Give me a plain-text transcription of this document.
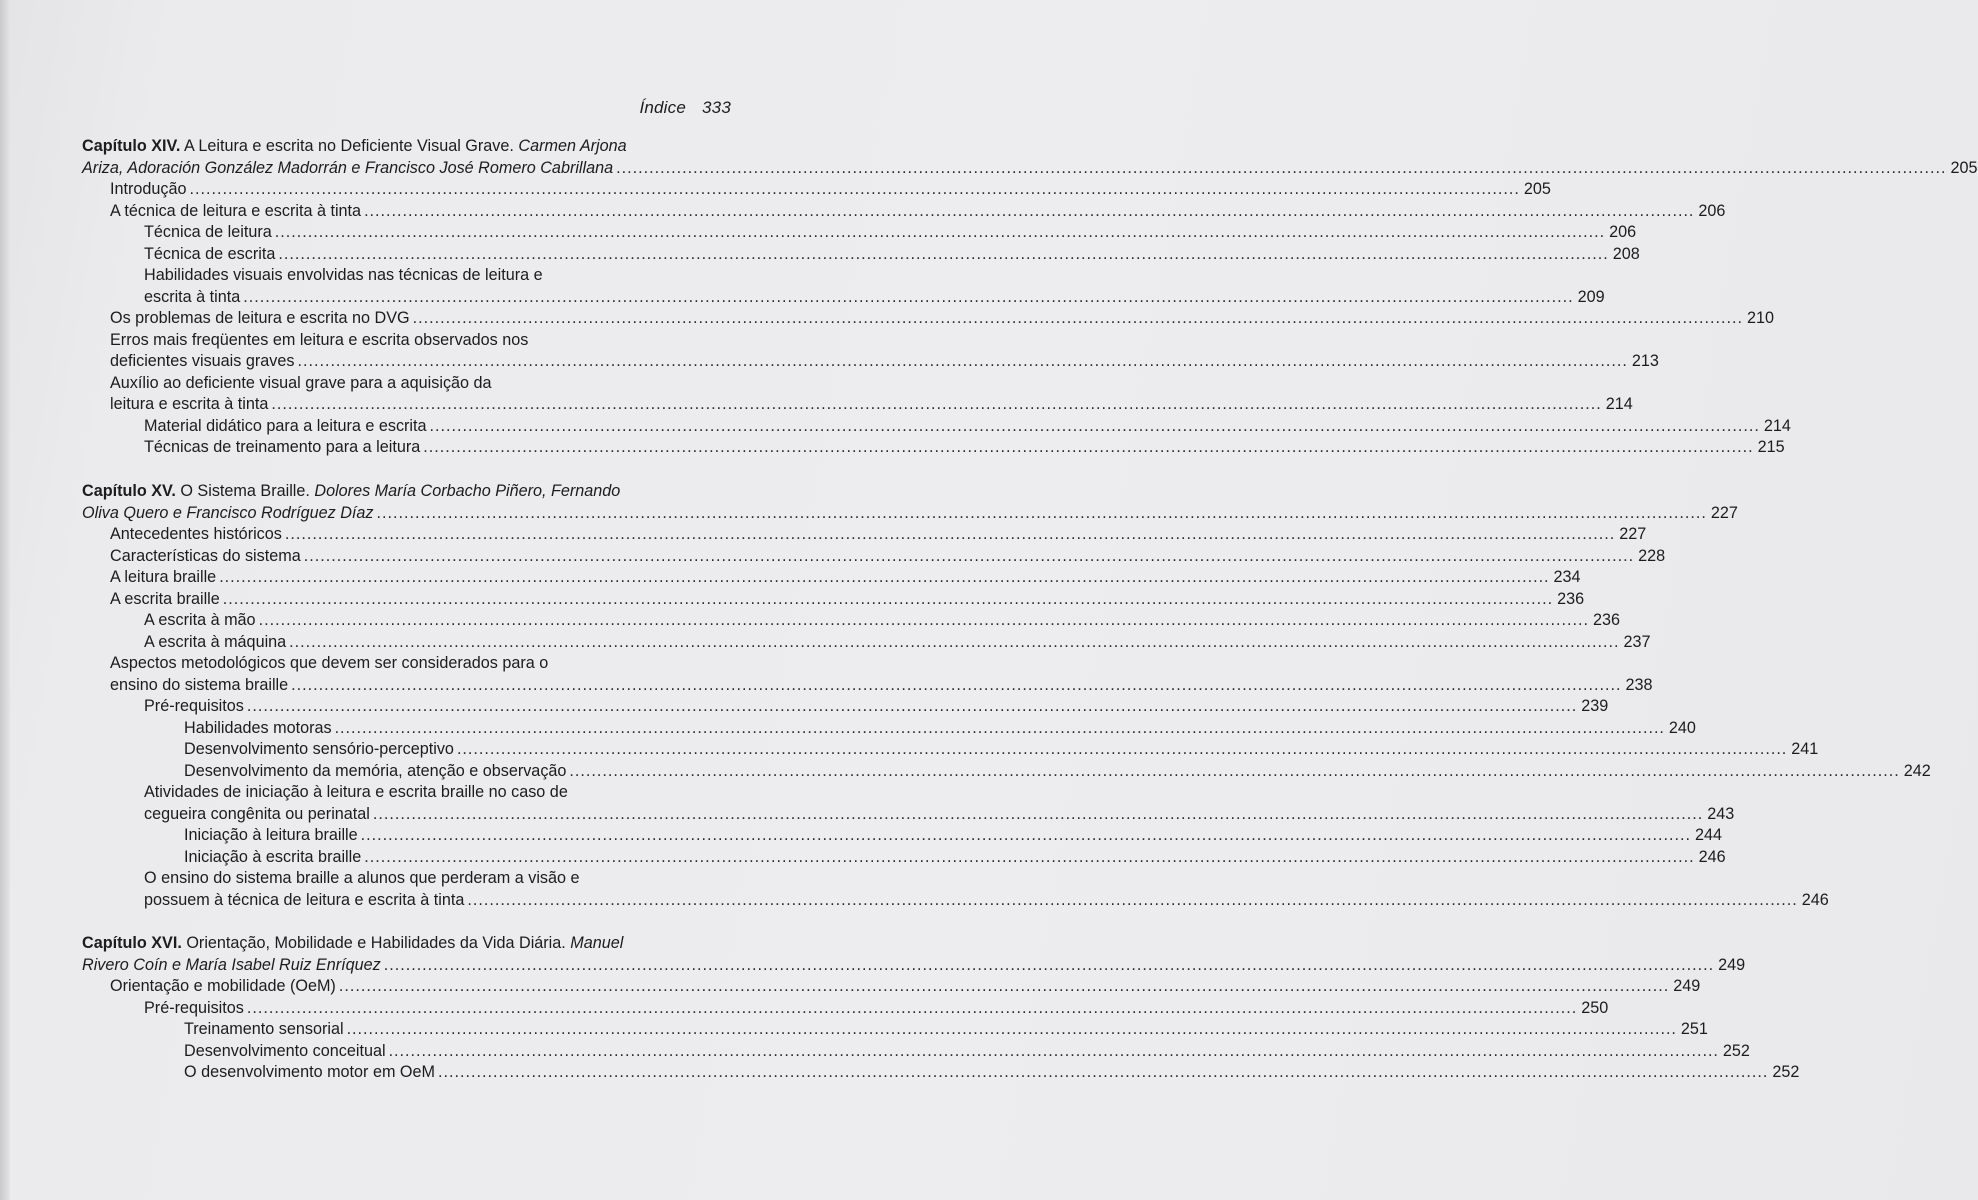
Índice 333
Capítulo XIV. A Leitura e escrita no Deficiente Visual Grave. Carmen Arjona
Ariza, Adoración González Madorrán e Francisco José Romero Cabrillana .....	205
Introdução .....	205
A técnica de leitura e escrita à tinta .....	206
Técnica de leitura .....	206
Técnica de escrita .....	208
Habilidades visuais envolvidas nas técnicas de leitura e
escrita à tinta .....	209
Os problemas de leitura e escrita no DVG .....	210
Erros mais freqüentes em leitura e escrita observados nos
deficientes visuais graves .....	213
Auxílio ao deficiente visual grave para a aquisição da
leitura e escrita à tinta .....	214
Material didático para a leitura e escrita .....	214
Técnicas de treinamento para a leitura .....	215
Capítulo XV. O Sistema Braille. Dolores María Corbacho Piñero, Fernando
Oliva Quero e Francisco Rodríguez Díaz .....	227
Antecedentes históricos .....	227
Características do sistema .....	228
A leitura braille .....	234
A escrita braille .....	236
A escrita à mão .....	236
A escrita à máquina .....	237
Aspectos metodológicos que devem ser considerados para o
ensino do sistema braille .....	238
Pré-requisitos .....	239
Habilidades motoras .....	240
Desenvolvimento sensório-perceptivo .....	241
Desenvolvimento da memória, atenção e observação .....	242
Atividades de iniciação à leitura e escrita braille no caso de
cegueira congênita ou perinatal .....	243
Iniciação à leitura braille .....	244
Iniciação à escrita braille .....	246
O ensino do sistema braille a alunos que perderam a visão e
possuem à técnica de leitura e escrita à tinta .....	246
Capítulo XVI. Orientação, Mobilidade e Habilidades da Vida Diária. Manuel
Rivero Coín e María Isabel Ruiz Enríquez .....	249
Orientação e mobilidade (OeM) .....	249
Pré-requisitos .....	250
Treinamento sensorial .....	251
Desenvolvimento conceitual .....	252
O desenvolvimento motor em OeM .....	252
